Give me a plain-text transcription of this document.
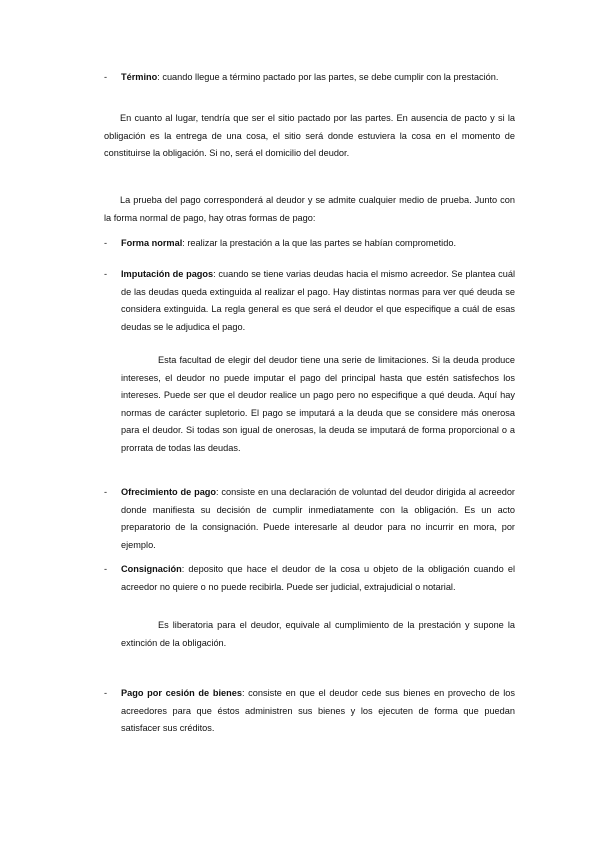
- Término: cuando llegue a término pactado por las partes, se debe cumplir con la prestación.
En cuanto al lugar, tendría que ser el sitio pactado por las partes. En ausencia de pacto y si la obligación es la entrega de una cosa, el sitio será donde estuviera la cosa en el momento de constituirse la obligación. Si no, será el domicilio del deudor.
La prueba del pago corresponderá al deudor y se admite cualquier medio de prueba. Junto con la forma normal de pago, hay otras formas de pago:
- Forma normal: realizar la prestación a la que las partes se habían comprometido.
- Imputación de pagos: cuando se tiene varias deudas hacia el mismo acreedor. Se plantea cuál de las deudas queda extinguida al realizar el pago. Hay distintas normas para ver qué deuda se considera extinguida. La regla general es que será el deudor el que especifique a cuál de esas deudas se le adjudica el pago.
Esta facultad de elegir del deudor tiene una serie de limitaciones. Si la deuda produce intereses, el deudor no puede imputar el pago del principal hasta que estén satisfechos los intereses. Puede ser que el deudor realice un pago pero no especifique a qué deuda. Aquí hay normas de carácter supletorio. El pago se imputará a la deuda que se considere más onerosa para el deudor. Si todas son igual de onerosas, la deuda se imputará de forma proporcional o a prorrata de todas las deudas.
- Ofrecimiento de pago: consiste en una declaración de voluntad del deudor dirigida al acreedor donde manifiesta su decisión de cumplir inmediatamente con la obligación. Es un acto preparatorio de la consignación. Puede interesarle al deudor para no incurrir en mora, por ejemplo.
- Consignación: deposito que hace el deudor de la cosa u objeto de la obligación cuando el acreedor no quiere o no puede recibirla. Puede ser judicial, extrajudicial o notarial.
Es liberatoria para el deudor, equivale al cumplimiento de la prestación y supone la extinción de la obligación.
- Pago por cesión de bienes: consiste en que el deudor cede sus bienes en provecho de los acreedores para que éstos administren sus bienes y los ejecuten de forma que puedan satisfacer sus créditos.
